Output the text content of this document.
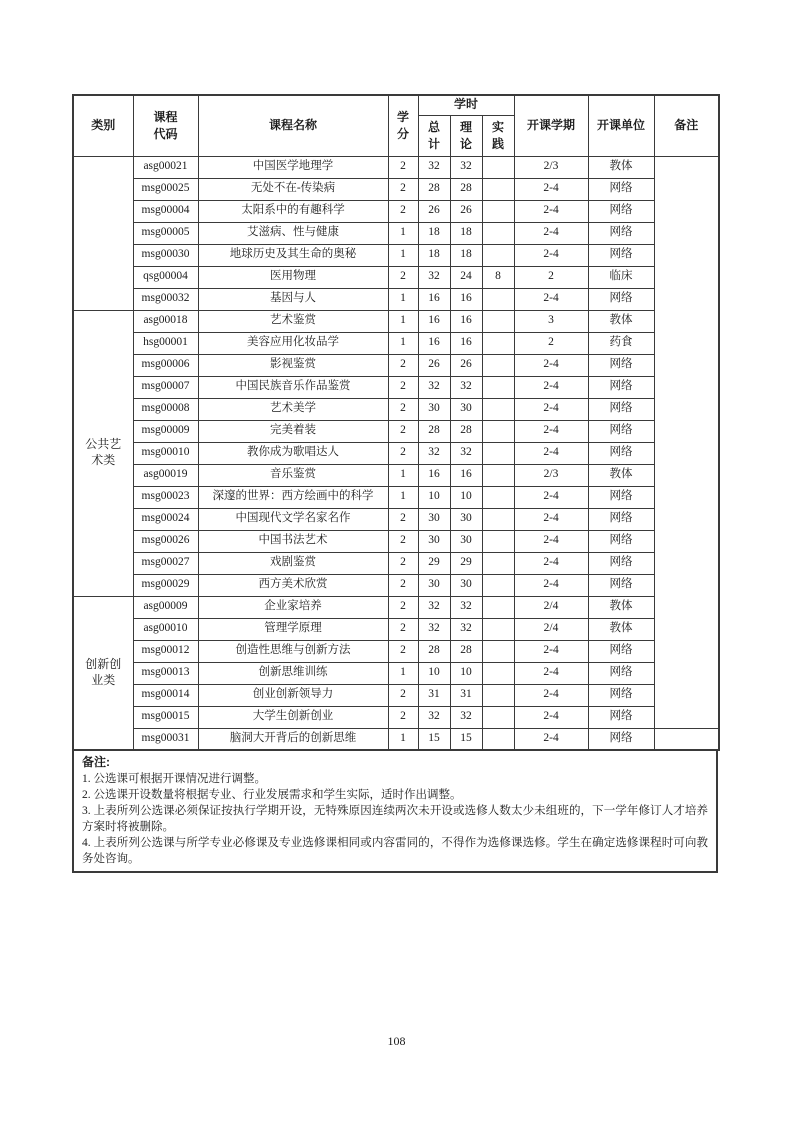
类别	课程代码	课程名称	学分	学时			开课学期	开课单位	备注
				总计	理论	实践			
	asg00021	中国医学地理学	2	32	32		2/3	教体	
	msg00025	无处不在-传染病	2	28	28		2-4	网络	
	msg00004	太阳系中的有趣科学	2	26	26		2-4	网络	
	msg00005	艾滋病、性与健康	1	18	18		2-4	网络	
	msg00030	地球历史及其生命的奥秘	1	18	18		2-4	网络	
	qsg00004	医用物理	2	32	24	8	2	临床	
	msg00032	基因与人	1	16	16		2-4	网络	
公共艺术类	asg00018	艺术鉴赏	1	16	16		3	教体	
	hsg00001	美容应用化妆品学	1	16	16		2	药食	
	msg00006	影视鉴赏	2	26	26		2-4	网络	
	msg00007	中国民族音乐作品鉴赏	2	32	32		2-4	网络	
	msg00008	艺术美学	2	30	30		2-4	网络	
	msg00009	完美着装	2	28	28		2-4	网络	
	msg00010	教你成为歌唱达人	2	32	32		2-4	网络	
	asg00019	音乐鉴赏	1	16	16		2/3	教体	
	msg00023	深邃的世界：西方绘画中的科学	1	10	10		2-4	网络	
	msg00024	中国现代文学名家名作	2	30	30		2-4	网络	
	msg00026	中国书法艺术	2	30	30		2-4	网络	
	msg00027	戏剧鉴赏	2	29	29		2-4	网络	
	msg00029	西方美术欣赏	2	30	30		2-4	网络	
创新创业类	asg00009	企业家培养	2	32	32		2/4	教体	
	asg00010	管理学原理	2	32	32		2/4	教体	
	msg00012	创造性思维与创新方法	2	28	28		2-4	网络	
	msg00013	创新思维训练	1	10	10		2-4	网络	
	msg00014	创业创新领导力	2	31	31		2-4	网络	
	msg00015	大学生创新创业	2	32	32		2-4	网络	
	msg00031	脑洞大开背后的创新思维	1	15	15		2-4	网络	
备注:
1. 公选课可根据开课情况进行调整。
2. 公选课开设数量将根据专业、行业发展需求和学生实际，适时作出调整。
3. 上表所列公选课必须保证按执行学期开设，无特殊原因连续两次未开设或选修人数太少未组班的，下一学年修订人才培养方案时将被删除。
4. 上表所列公选课与所学专业必修课及专业选修课相同或内容雷同的，不得作为选修课选修。学生在确定选修课程时可向教务处咨询。
108
